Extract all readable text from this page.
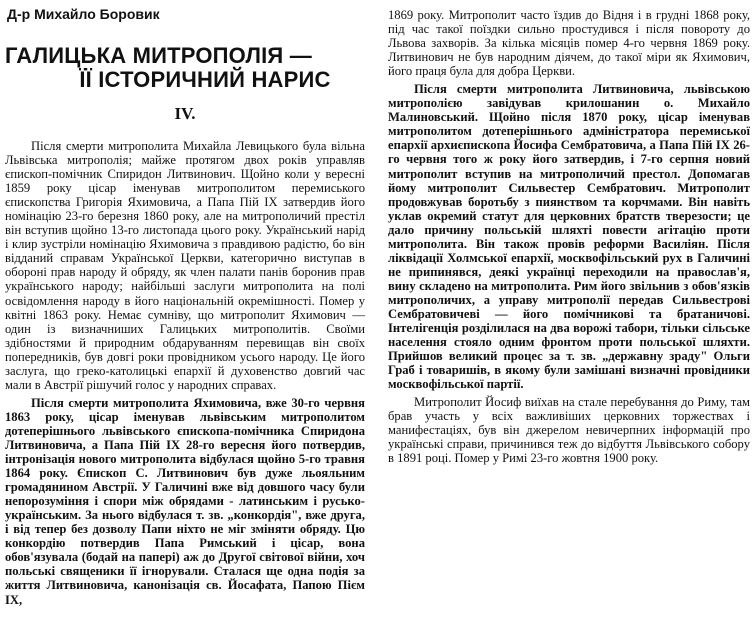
Д-р Михайло Боровик
ГАЛИЦЬКА МИТРОПОЛІЯ —
ЇЇ ІСТОРИЧНИЙ НАРИС
IV.

Після смерти митрополита Михайла Левицького була вільна Львівська митрополія; майже протягом двох років управляв єпископ-помічник Спиридон Литвинович. Щойно коли у вересні 1859 року цісар іменував митрополитом перемиського єпископства Григорія Яхимовича, а Папа Пій IX затвердив його номінацію 23-го березня 1860 року, але на митрополичий престіл він вступив щойно 13-го листопада цього року. Український нарід і клир зустріли номінацію Яхимовича з правдивою радістю, бо він відданий справам Української Церкви, категорично виступав в обороні прав народу й обряду, як член палати панів боронив прав українського народу; найбільші заслуги митрополита на полі освідомлення народу в його національній окремішності. Помер у квітні 1863 року. Немає сумніву, що митрополит Яхимович — один із визначниших Галицьких митрополитів. Своїми здібностями й природним обдаруванням перевищав він своїх попередників, був довгі роки провідником усього народу. Це його заслуга, що греко-католицькі епархії й духовенство довгий час мали в Австрії рішучий голос у народних справах.

Після смерти митрополита Яхимовича, вже 30-го червня 1863 року, цісар іменував львівським митрополитом дотеперішнього львівського єпископа-помічника Спиридона Литвиновича, а Папа Пій IX 28-го вересня його потвердив, інтронізація нового митрополита відбулася щойно 5-го травня 1864 року. Єпископ С. Литвинович був дуже льояльним громадянином Австрії. У Галичині вже від довшого часу були непорозуміння і спори між обрядами - латинським і русько-українським. За нього відбулася т. зв. „конкордія", вже друга, і від тепер без дозволу Папи ніхто не міг зміняти обряду. Цю конкордію потвердив Папа Римський і цісар, вона обов'язувала (бодай на папері) аж до Другої світової війни, хоч польські священики її ігнорували. Сталася ще одна подія за життя Литвиновича, канонізація св. Йосафата, Папою Пієм IX,

1869 року. Митрополит часто їздив до Відня і в грудні 1868 року, під час такої поїздки сильно простудився і після повороту до Львова захворів. За кілька місяців помер 4-го червня 1869 року. Литвинович не був народним діячем, до такої міри як Яхимович, його праця була для добра Церкви.

Після смерти митрополита Литвиновича, львівською митрополією завідував крилошанин о. Михайло Малиновський. Щойно після 1870 року, цісар іменував митрополитом дотеперішнього адміністратора перемиської епархії архиєпископа Йосифа Сембратовича, а Папа Пій IX 26-го червня того ж року його затвердив, і 7-го серпня новий митрополит вступив на митрополичий престол. Допомагав йому митрополит Сильвестер Сембратович. Митрополит продовжував боротьбу з пиянством та корчмами. Він навіть уклав окремий статут для церковних братств тверезости; це дало причину польській шляхті повести агітацію проти митрополита. Він також провів реформи Василіян. Після ліквідації Холмської епархії, москвофільський рух в Галичині не припинявся, деякі українці переходили на православ'я, вину складено на митрополита. Рим його звільнив з обов'язків митрополичих, а управу митрополії передав Сильвестрові Сембратовичеві — його помічникові та братаничові. Інтелігенція розділилася на два ворожі табори, тільки сільське населення стояло одним фронтом проти польської шляхти. Прийшов великий процес за т. зв. „державну зраду" Ольги Граб і товаришів, в якому були замішані визначні провідники москвофільської партії.

Митрополит Йосиф виїхав на стале перебування до Риму, там брав участь у всіх важливіших церковних торжествах і манифестаціях, був він джерелом невичерпних інформацій про українські справи, причинився теж до відбуття Львівського собору в 1891 році. Помер у Римі 23-го жовтня 1900 року.
